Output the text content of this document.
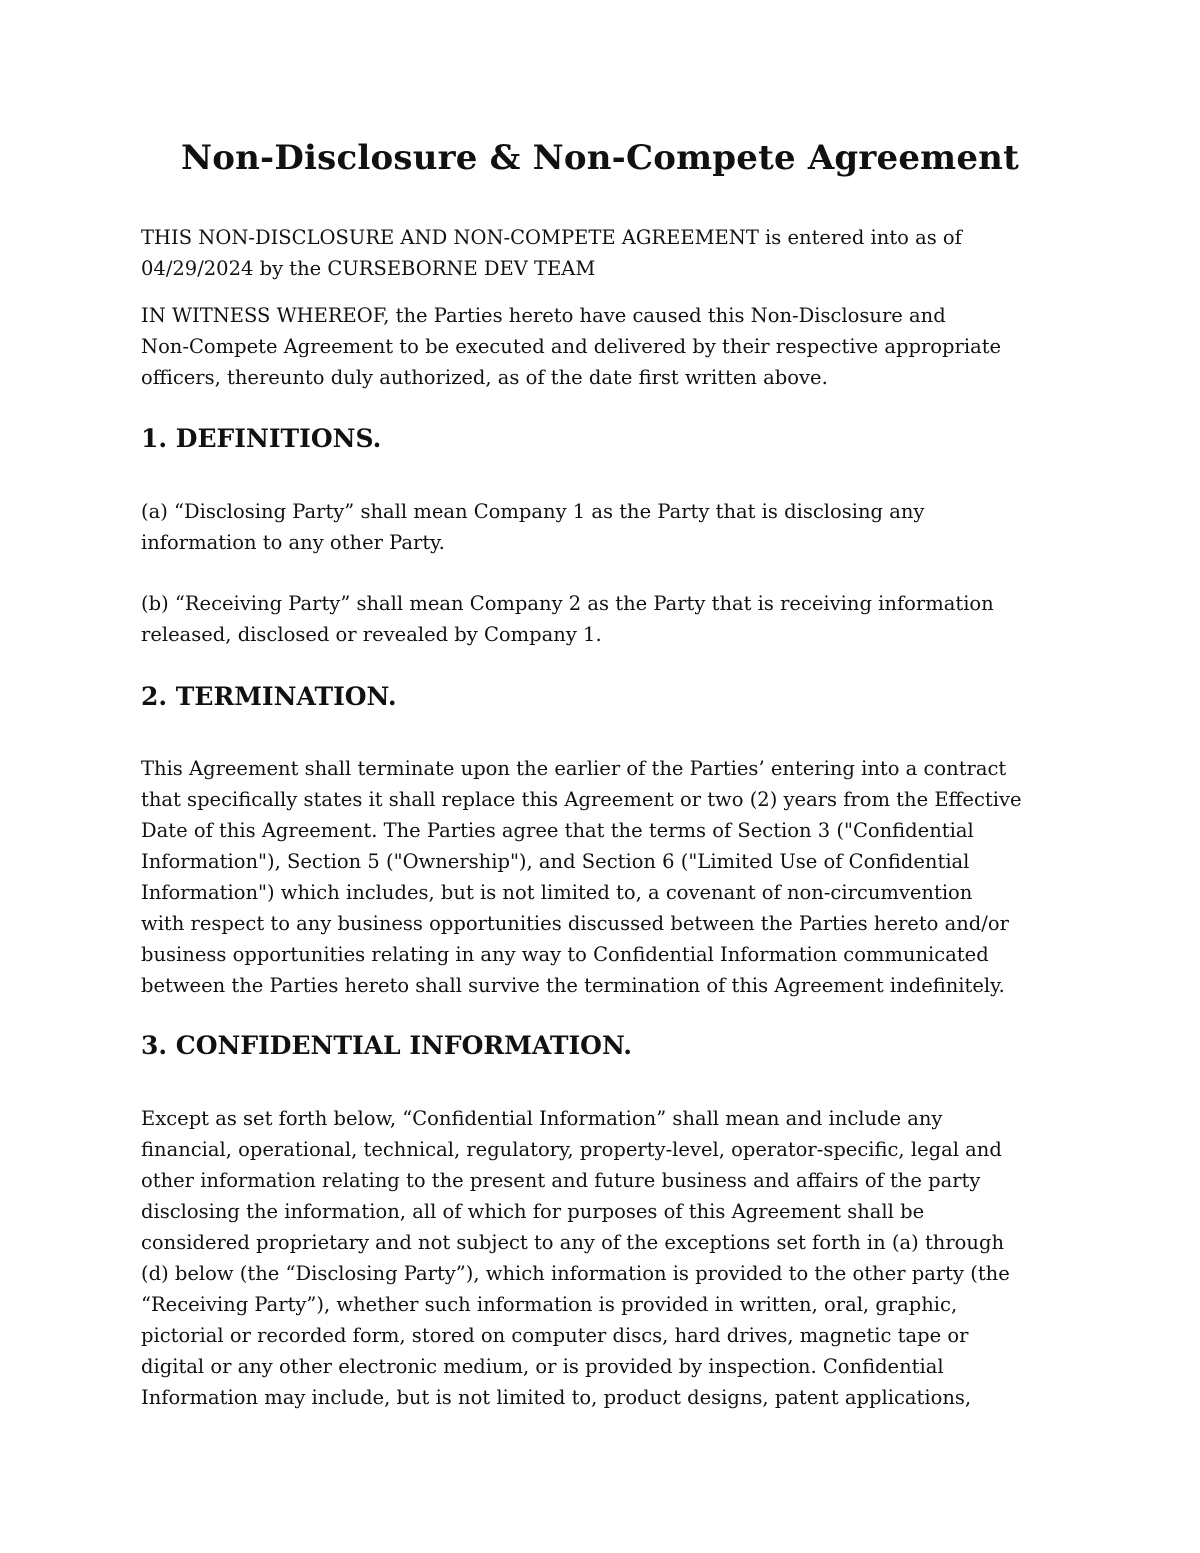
Non-Disclosure & Non-Compete Agreement

THIS NON-DISCLOSURE AND NON-COMPETE AGREEMENT is entered into as of
04/29/2024 by the CURSEBORNE DEV TEAM

IN WITNESS WHEREOF, the Parties hereto have caused this Non-Disclosure and
Non-Compete Agreement to be executed and delivered by their respective appropriate
officers, thereunto duly authorized, as of the date first written above.

1. DEFINITIONS.

(a) “Disclosing Party” shall mean Company 1 as the Party that is disclosing any
information to any other Party.

(b) “Receiving Party” shall mean Company 2 as the Party that is receiving information
released, disclosed or revealed by Company 1.

2. TERMINATION.

This Agreement shall terminate upon the earlier of the Parties’ entering into a contract
that specifically states it shall replace this Agreement or two (2) years from the Effective
Date of this Agreement. The Parties agree that the terms of Section 3 ("Confidential
Information"), Section 5 ("Ownership"), and Section 6 ("Limited Use of Confidential
Information") which includes, but is not limited to, a covenant of non-circumvention
with respect to any business opportunities discussed between the Parties hereto and/or
business opportunities relating in any way to Confidential Information communicated
between the Parties hereto shall survive the termination of this Agreement indefinitely.

3. CONFIDENTIAL INFORMATION.

Except as set forth below, “Confidential Information” shall mean and include any
financial, operational, technical, regulatory, property-level, operator-specific, legal and
other information relating to the present and future business and affairs of the party
disclosing the information, all of which for purposes of this Agreement shall be
considered proprietary and not subject to any of the exceptions set forth in (a) through
(d) below (the “Disclosing Party”), which information is provided to the other party (the
“Receiving Party”), whether such information is provided in written, oral, graphic,
pictorial or recorded form, stored on computer discs, hard drives, magnetic tape or
digital or any other electronic medium, or is provided by inspection. Confidential
Information may include, but is not limited to, product designs, patent applications,
